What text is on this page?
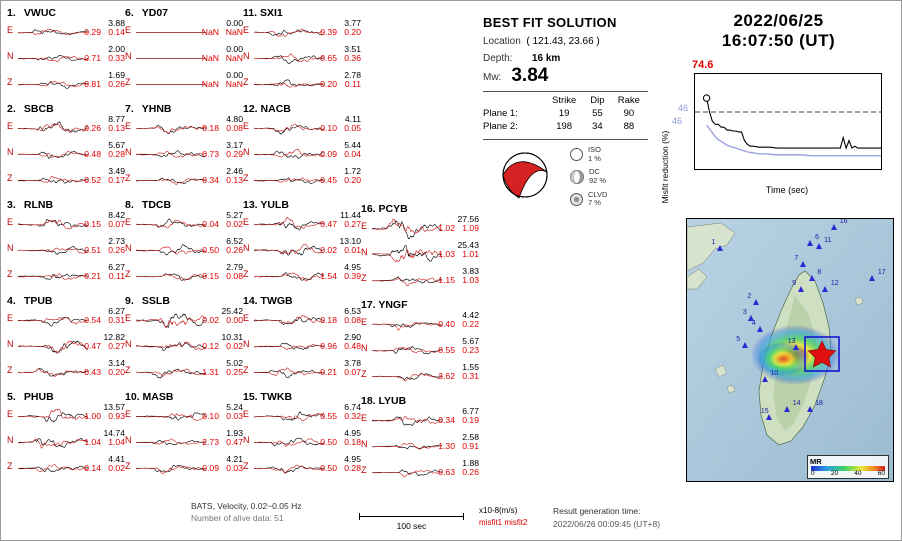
1. VWUC
E
3.88
0.29 0.14
N
2.00
0.71 0.33
Z
1.69
0.81 0.26
2. SBCB
E
8.77
0.26 0.13
N
5.67
0.48 0.28
Z
3.49
0.52 0.17
3. RLNB
E
8.42
0.15 0.07
N
2.73
0.51 0.26
Z
6.27
0.21 0.11
4. TPUB
E
6.27
0.54 0.31
N
12.82
0.47 0.27
Z
3.14
0.43 0.20
5. PHUB
E
13.57
1.00 0.93
N
14.74
1.04 1.04
Z
4.41
0.14 0.02
6. YD07
E
0.00
NaN NaN
N
0.00
NaN NaN
Z
0.00
NaN NaN
7. YHNB
E
4.80
0.18 0.08
N
3.17
0.73 0.29
Z
2.46
0.34 0.13
8. TDCB
E
5.27
0.04 0.02
N
6.52
0.50 0.26
Z
2.79
0.15 0.08
9. SSLB
E
25.42
0.02 0.00
N
10.31
0.12 0.02
Z
5.02
1.31 0.25
10. MASB
E
5.24
0.10 0.03
N
1.93
2.73 0.47
Z
4.21
0.09 0.03
11. SXI1
E
3.77
0.39 0.20
N
3.51
0.65 0.36
Z
2.78
0.20 0.11
12. NACB
E
4.11
0.10 0.05
N
5.44
0.09 0.04
Z
1.72
0.45 0.20
13. YULB
E
11.44
0.47 0.27
N
13.10
0.02 0.01
Z
4.95
1.54 0.39
14. TWGB
E
6.53
0.18 0.08
N
2.90
0.96 0.48
Z
3.78
0.21 0.07
15. TWKB
E
6.74
0.55 0.32
N
4.95
0.50 0.18
Z
4.95
0.50 0.28
16. PCYB
E
27.56
1.02 1.09
N
25.43
1.03 1.01
Z
3.83
1.15 1.03
17. YNGF
E
4.42
0.40 0.22
N
5.67
0.55 0.23
Z
1.55
3.62 0.31
18. LYUB
E
6.77
0.34 0.19
N
2.58
1.30 0.91
Z
1.88
0.63 0.26
BEST FIT SOLUTION
Location ( 121.43, 23.66 )
Depth: 16 km
Mw: 3.84
	Strike	Dip	Rake
Plane 1:	19	55	90
Plane 2:	198	34	88
ISO
1 %
DC
92 %
CLVD
7 %
2022/06/25
16:07:50 (UT)
Misfit reduction (%)
74.6
Time (sec)
46
46
1
2
3
4
5
6
7
8
9
10
11
12
13
14
15
16
17
18
MR
0 20 40 60
BATS, Velocity, 0.02~0.05 Hz
Number of alive data: 51
100 sec
x10-8(m/s)
misfit1 misfit2
Result generation time:
2022/06/26 00:09:45 (UT+8)
